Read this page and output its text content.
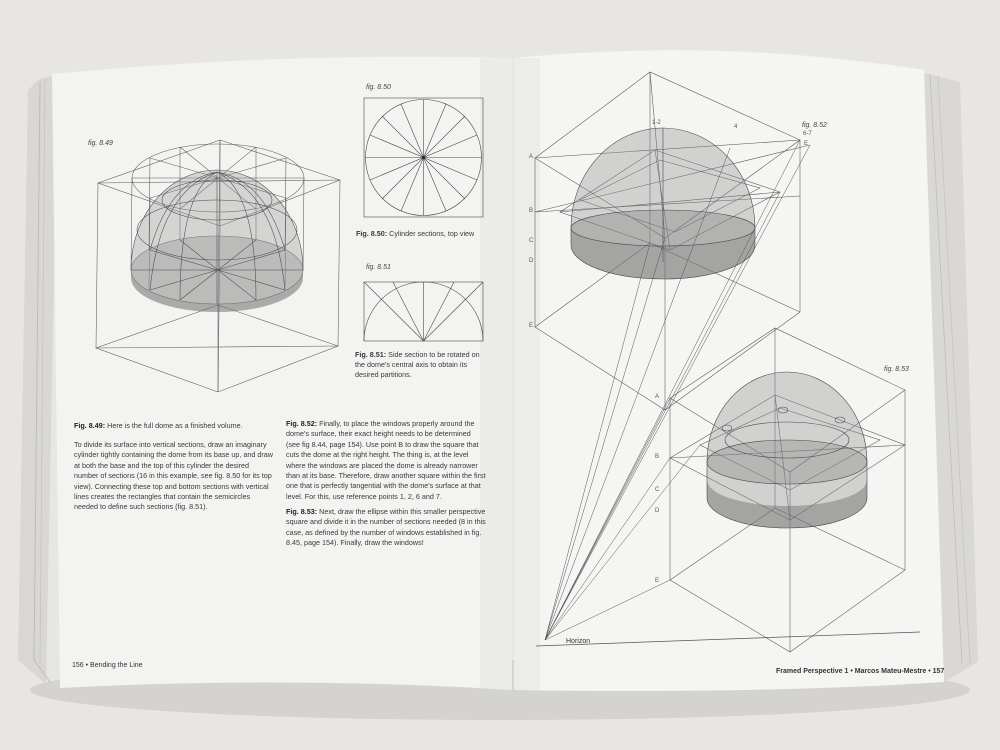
fig. 8.49
fig. 8.50
Fig. 8.50: Cylinder sections, top view
fig. 8.51
Fig. 8.51: Side section to be rotated on the dome's central axis to obtain its desired partitions.

Fig. 8.49: Here is the full dome as a finished volume.

To divide its surface into vertical sections, draw an imaginary cylinder tightly containing the dome from its base up, and draw at both the base and the top of this cylinder the desired number of sections (16 in this example, see fig. 8.50 for its top view). Connecting these top and bottom sections with vertical lines creates the rectangles that contain the semicircles needed to define such sections (fig. 8.51).

Fig. 8.52: Finally, to place the windows properly around the dome's surface, their exact height needs to be determined (see fig 8.44, page 154). Use point B to draw the square that cuts the dome at the right height. The thing is, at the level where the windows are placed the dome is already narrower than at its base. Therefore, draw another square within the first one that is perfectly tangential with the dome's surface at that level. For this, use reference points 1, 2, 6 and 7.

Fig. 8.53: Next, draw the ellipse within this smaller perspective square and divide it in the number of sections needed (8 in this case, as defined by the number of windows established in fig. 8.45, page 154). Finally, draw the windows!

156 • Bending the Line
fig. 8.52
fig. 8.53
Horizon
Framed Perspective 1 • Marcos Mateu-Mestre • 157
1-2
4
6-7
E
A
B
C
D
E
A
B
C
D
E
